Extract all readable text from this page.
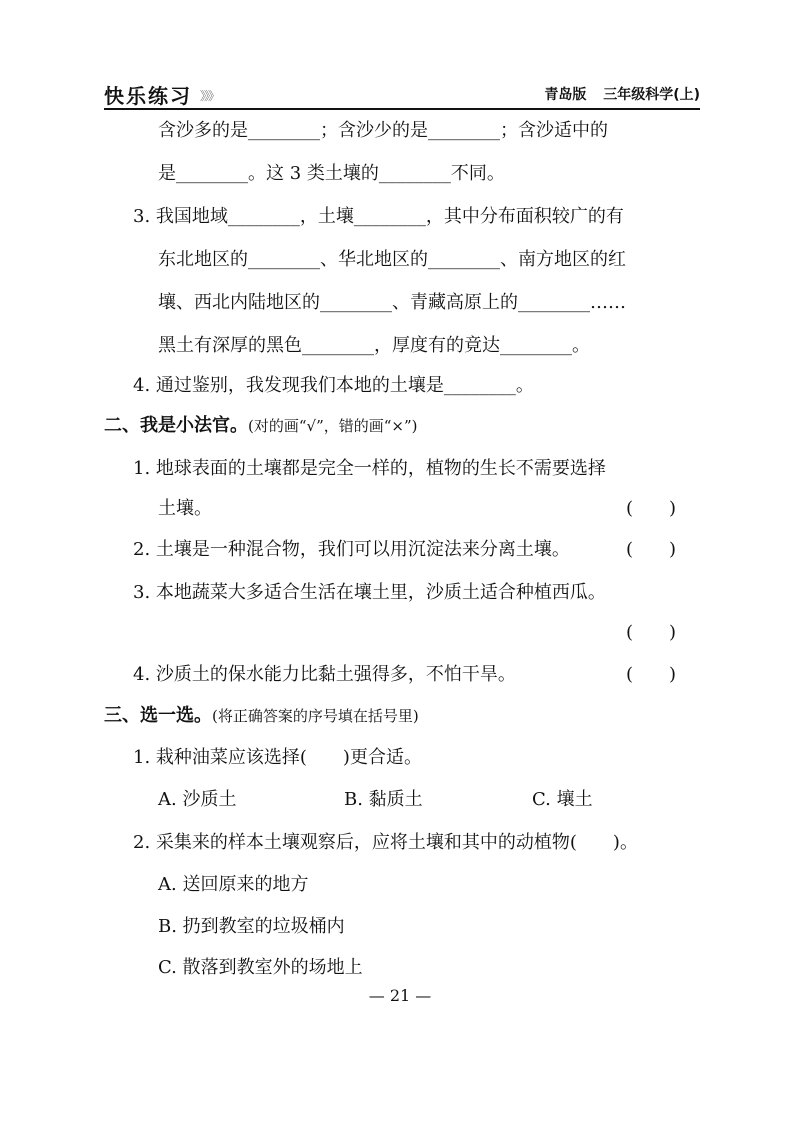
快乐练习 》》》	青岛版 三年级科学(上)
含沙多的是________；含沙少的是________；含沙适中的
是________。这 3 类土壤的________不同。
3. 我国地域________，土壤________，其中分布面积较广的有
东北地区的________、华北地区的________、南方地区的红
壤、西北内陆地区的________、青藏高原上的________……
黑土有深厚的黑色________，厚度有的竟达________。
4. 通过鉴别，我发现我们本地的土壤是________。
二、我是小法官。(对的画“√”，错的画“×”)
1. 地球表面的土壤都是完全一样的，植物的生长不需要选择
土壤。	(　　)
2. 土壤是一种混合物，我们可以用沉淀法来分离土壤。	(　　)
3. 本地蔬菜大多适合生活在壤土里，沙质土适合种植西瓜。
(　　)
4. 沙质土的保水能力比黏土强得多，不怕干旱。	(　　)
三、选一选。(将正确答案的序号填在括号里)
1. 栽种油菜应该选择(　　)更合适。
A. 沙质土	B. 黏质土	C. 壤土
2. 采集来的样本土壤观察后，应将土壤和其中的动植物(　　)。
A. 送回原来的地方
B. 扔到教室的垃圾桶内
C. 散落到教室外的场地上
— 21 —
